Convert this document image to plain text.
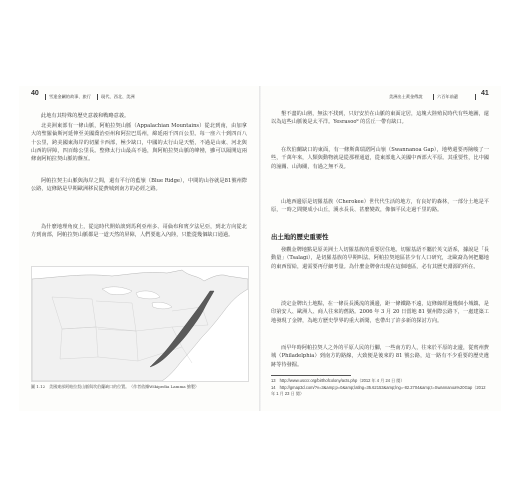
40 雪達金屬的故事、旅行 現代、西北、美洲

此地有其特殊的歷史意義和戰略意義。

北美洲東部有一條山脈，阿帕拉契山脈（Appalachian Mountains）從北到南，由加拿大的聖羅倫斯河延伸至美國喬治亞州和阿拉巴馬州，綿延兩千四百公里。每一座六十到四百八十公里，跨美國東海岸的切羅卡西部，極少缺口，中國的太行山是天塹，不過是山東、河北與山西的屏障，四百餘公里長。整條太行山最高不過，與阿帕拉契山脈的峰巒，雖可以隔開這兩條南阿帕拉契山脈的盤亙。

阿帕拉契主山脈與海岸之間，還有平行的藍嶺（Blue Ridge），中間的山谷就是81號州際公路，這條路是早期歐洲移民從費城到南方的必經之路。

為什麼地理角度上，從這時代開始談到馬利亞州多、哥倫布和賓夕法尼亞，到北方向從北方到南部，阿帕拉契山脈都是一道天然的屏障，人們要進入內陸，只能從幾個缺口通過。

圖 1.12　美國東部阿帕拉契山脈與坎伯蘭缺口的位置。（作者依據Wikipedia Lamma 繪製）
美洲出土黃金傳說	六百年前遺	41

墾不盡的山巒，無法不找到，只好安於在山脈的東面定居，這塊大陸殖民時代有些地圖，還以為這些山脈後是太平洋。Yesrasoo⁹ 的岳丘一帶有缺口。

在坎伯蘭缺口的東面，有一條斯萬瑞諾阿山嶺（Swannanoa Gap），地勢還要再險峻了一些，千萬年來，人類與動物就是從那裡通道，從東部進入美國中西部大平原。其重要性，比中國的潼關、山海關，有過之無不及。

山地西邊原是切羅基族（Cherokee）世代代生活的地方，有良好的森林，一部分土地是平原，一時之間變成小山丘，溪水長長、甚麼變故，像個平民走過千里的路。

出土地的歷史重要性

發觀金牌地點是原美洲土人切羅基族的重要居住地。切羅基語不屬於英文語系，據說是「長動量」（Tsalagi），是切羅基族的早期叫法。阿帕拉契地區甚少有人口研究，北歐裔為何把屬地的東西留給，還需要再仔細考量。為什麼金牌會出現在這個地區，必有其歷史淵源的所在。

淡定金牌出土地點，在一條長長溪流的溪邊，距一條鐵路不遠，這條線經過幾個小城鎮，是印第安人、歐洲人、商人往來的舊路。2006 年 3 月 20 日當地 81 號州際公路下，一處建築工地發現了金牌，為地方歷史學界的重大新聞，也帶出了許多新的探討方向。

而早年時阿帕拉契人之外的平原人民的行腳，一些南方的人，往來於平原的北邊，從賓州費城（Philadelphia）到南方的路線，大致便是後來的 81 號公路，這一路有不少重要的歷史遺跡等待發掘。

13　http://www.usccr.org/birthofcolony/acts.php（2012 年 4 月 24 日 閱）
14　http://gmap3d.com/?v=3&amp;p=0&amp;latlng=35.62153&amp;lng=-82.2704&amp;t=Swannanoa%20Gap（2012 年 1 月 23 日 閱）
